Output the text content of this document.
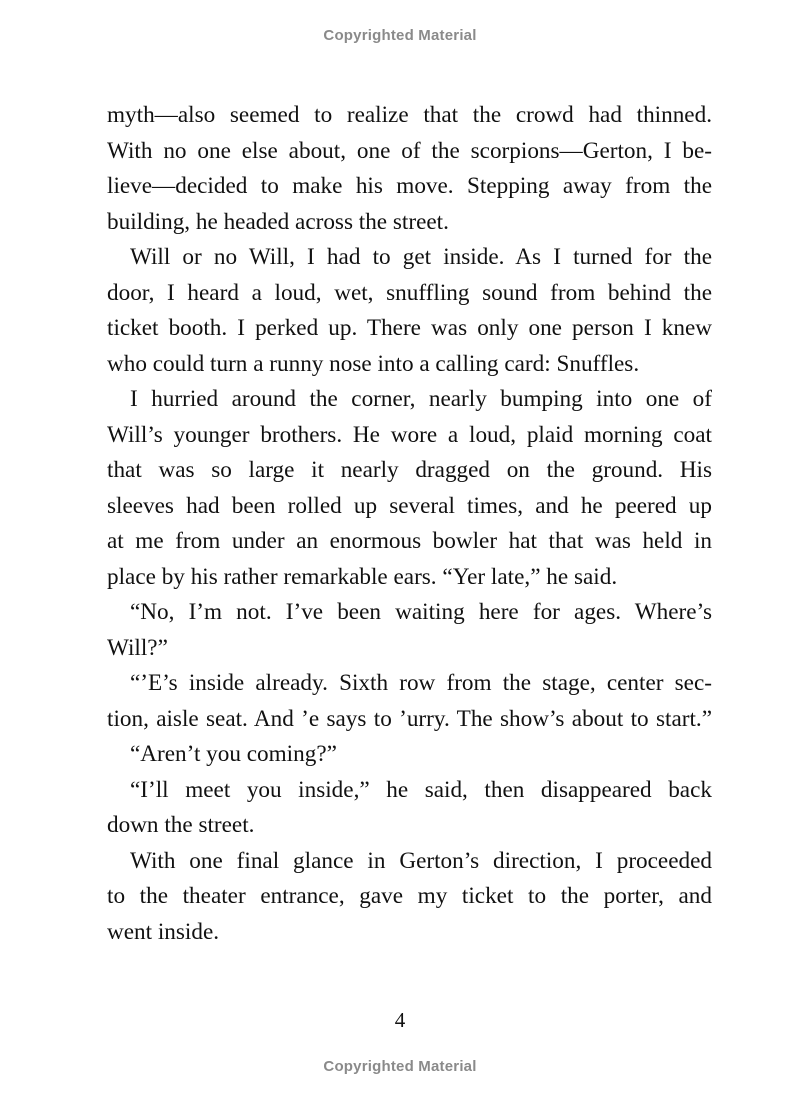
Copyrighted Material
myth—also seemed to realize that the crowd had thinned.
With no one else about, one of the scorpions—Gerton, I be-
lieve—decided to make his move. Stepping away from the
building, he headed across the street.
Will or no Will, I had to get inside. As I turned for the
door, I heard a loud, wet, snuffling sound from behind the
ticket booth. I perked up. There was only one person I knew
who could turn a runny nose into a calling card: Snuffles.
I hurried around the corner, nearly bumping into one of
Will’s younger brothers. He wore a loud, plaid morning coat
that was so large it nearly dragged on the ground. His
sleeves had been rolled up several times, and he peered up
at me from under an enormous bowler hat that was held in
place by his rather remarkable ears. “Yer late,” he said.
“No, I’m not. I’ve been waiting here for ages. Where’s
Will?”
“’E’s inside already. Sixth row from the stage, center sec-
tion, aisle seat. And ’e says to ’urry. The show’s about to start.”
“Aren’t you coming?”
“I’ll meet you inside,” he said, then disappeared back
down the street.
With one final glance in Gerton’s direction, I proceeded
to the theater entrance, gave my ticket to the porter, and
went inside.
4
Copyrighted Material
